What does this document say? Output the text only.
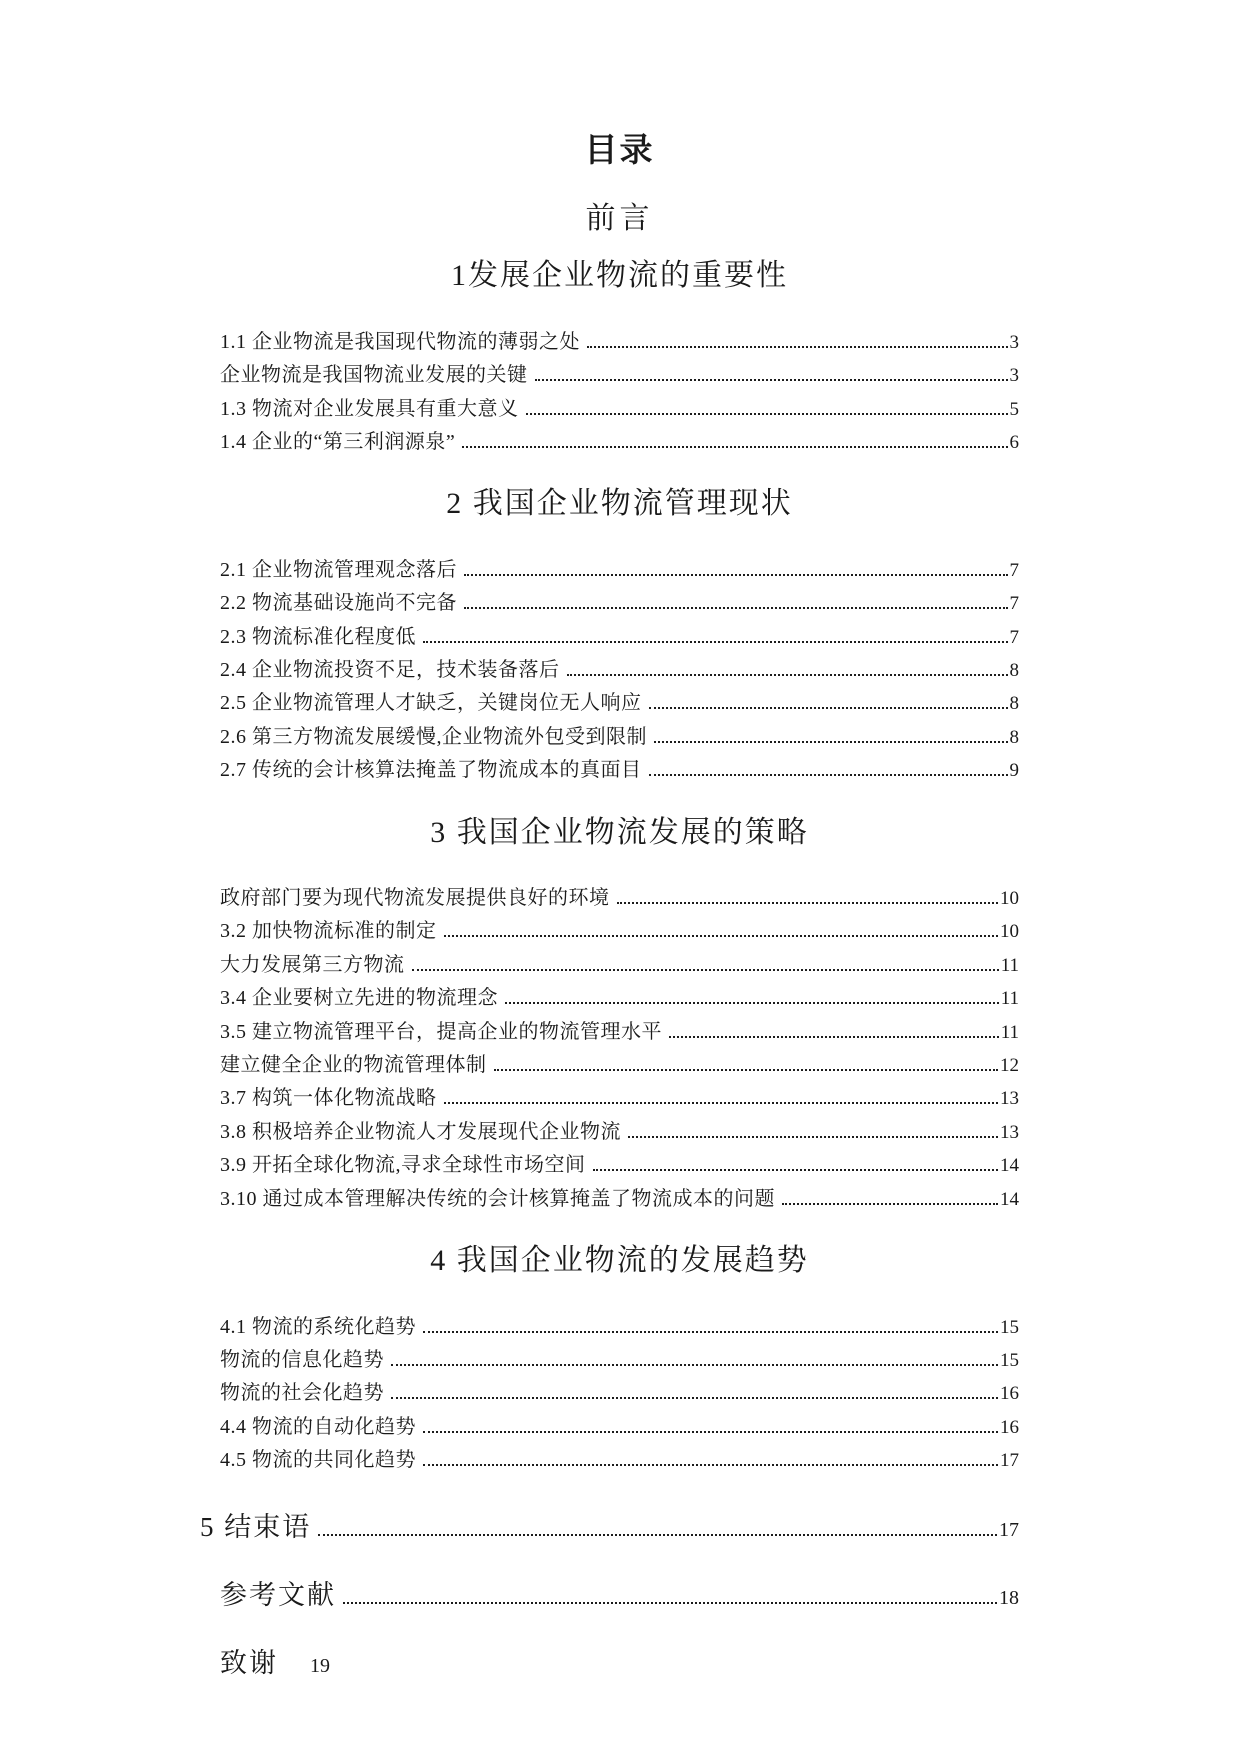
目录
前言
1发展企业物流的重要性
1.1 企业物流是我国现代物流的薄弱之处	3
企业物流是我国物流业发展的关键	3
1.3 物流对企业发展具有重大意义	5
1.4 企业的“第三利润源泉”	6
2 我国企业物流管理现状
2.1 企业物流管理观念落后	7
2.2 物流基础设施尚不完备	7
2.3 物流标准化程度低	7
2.4 企业物流投资不足，技术装备落后	8
2.5 企业物流管理人才缺乏，关键岗位无人响应	8
2.6 第三方物流发展缓慢,企业物流外包受到限制	8
2.7 传统的会计核算法掩盖了物流成本的真面目	9
3 我国企业物流发展的策略
政府部门要为现代物流发展提供良好的环境	10
3.2 加快物流标准的制定	10
大力发展第三方物流	11
3.4 企业要树立先进的物流理念	11
3.5 建立物流管理平台，提高企业的物流管理水平	11
建立健全企业的物流管理体制	12
3.7 构筑一体化物流战略	13
3.8 积极培养企业物流人才发展现代企业物流	13
3.9 开拓全球化物流,寻求全球性市场空间	14
3.10 通过成本管理解决传统的会计核算掩盖了物流成本的问题	14
4 我国企业物流的发展趋势
4.1 物流的系统化趋势	15
物流的信息化趋势	15
物流的社会化趋势	16
4.4 物流的自动化趋势	16
4.5 物流的共同化趋势	17
5 结束语	17
参考文献	18
致谢 19
